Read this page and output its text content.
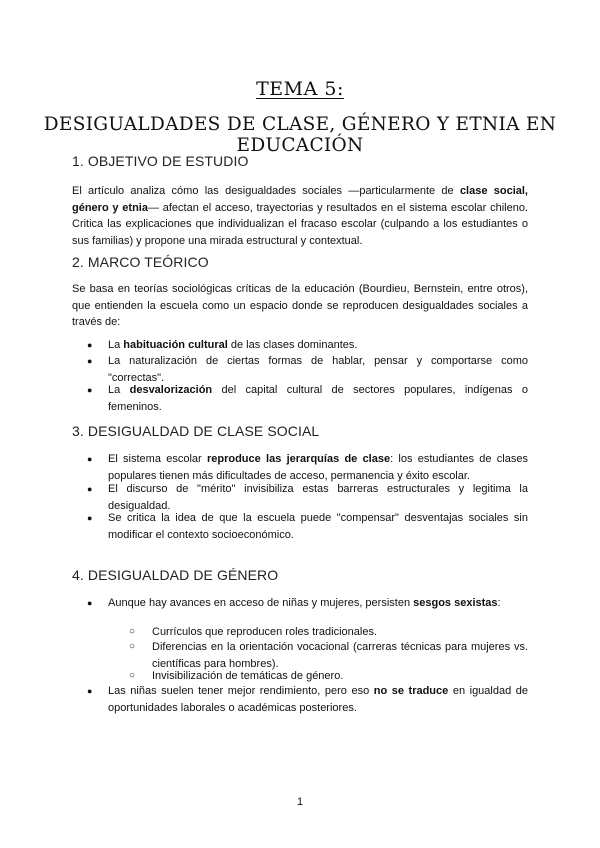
TEMA 5:
DESIGUALDADES DE CLASE, GÉNERO Y ETNIA EN EDUCACIÓN
1. OBJETIVO DE ESTUDIO
El artículo analiza cómo las desigualdades sociales —particularmente de clase social, género y etnia— afectan el acceso, trayectorias y resultados en el sistema escolar chileno. Critica las explicaciones que individualizan el fracaso escolar (culpando a los estudiantes o sus familias) y propone una mirada estructural y contextual.
2. MARCO TEÓRICO
Se basa en teorías sociológicas críticas de la educación (Bourdieu, Bernstein, entre otros), que entienden la escuela como un espacio donde se reproducen desigualdades sociales a través de:
● La habituación cultural de las clases dominantes.
● La naturalización de ciertas formas de hablar, pensar y comportarse como "correctas".
● La desvalorización del capital cultural de sectores populares, indígenas o femeninos.
3. DESIGUALDAD DE CLASE SOCIAL
● El sistema escolar reproduce las jerarquías de clase: los estudiantes de clases populares tienen más dificultades de acceso, permanencia y éxito escolar.
● El discurso de "mérito" invisibiliza estas barreras estructurales y legitima la desigualdad.
● Se critica la idea de que la escuela puede "compensar" desventajas sociales sin modificar el contexto socioeconómico.
4. DESIGUALDAD DE GÉNERO
● Aunque hay avances en acceso de niñas y mujeres, persisten sesgos sexistas:
○ Currículos que reproducen roles tradicionales.
○ Diferencias en la orientación vocacional (carreras técnicas para mujeres vs. científicas para hombres).
○ Invisibilización de temáticas de género.
● Las niñas suelen tener mejor rendimiento, pero eso no se traduce en igualdad de oportunidades laborales o académicas posteriores.
1
